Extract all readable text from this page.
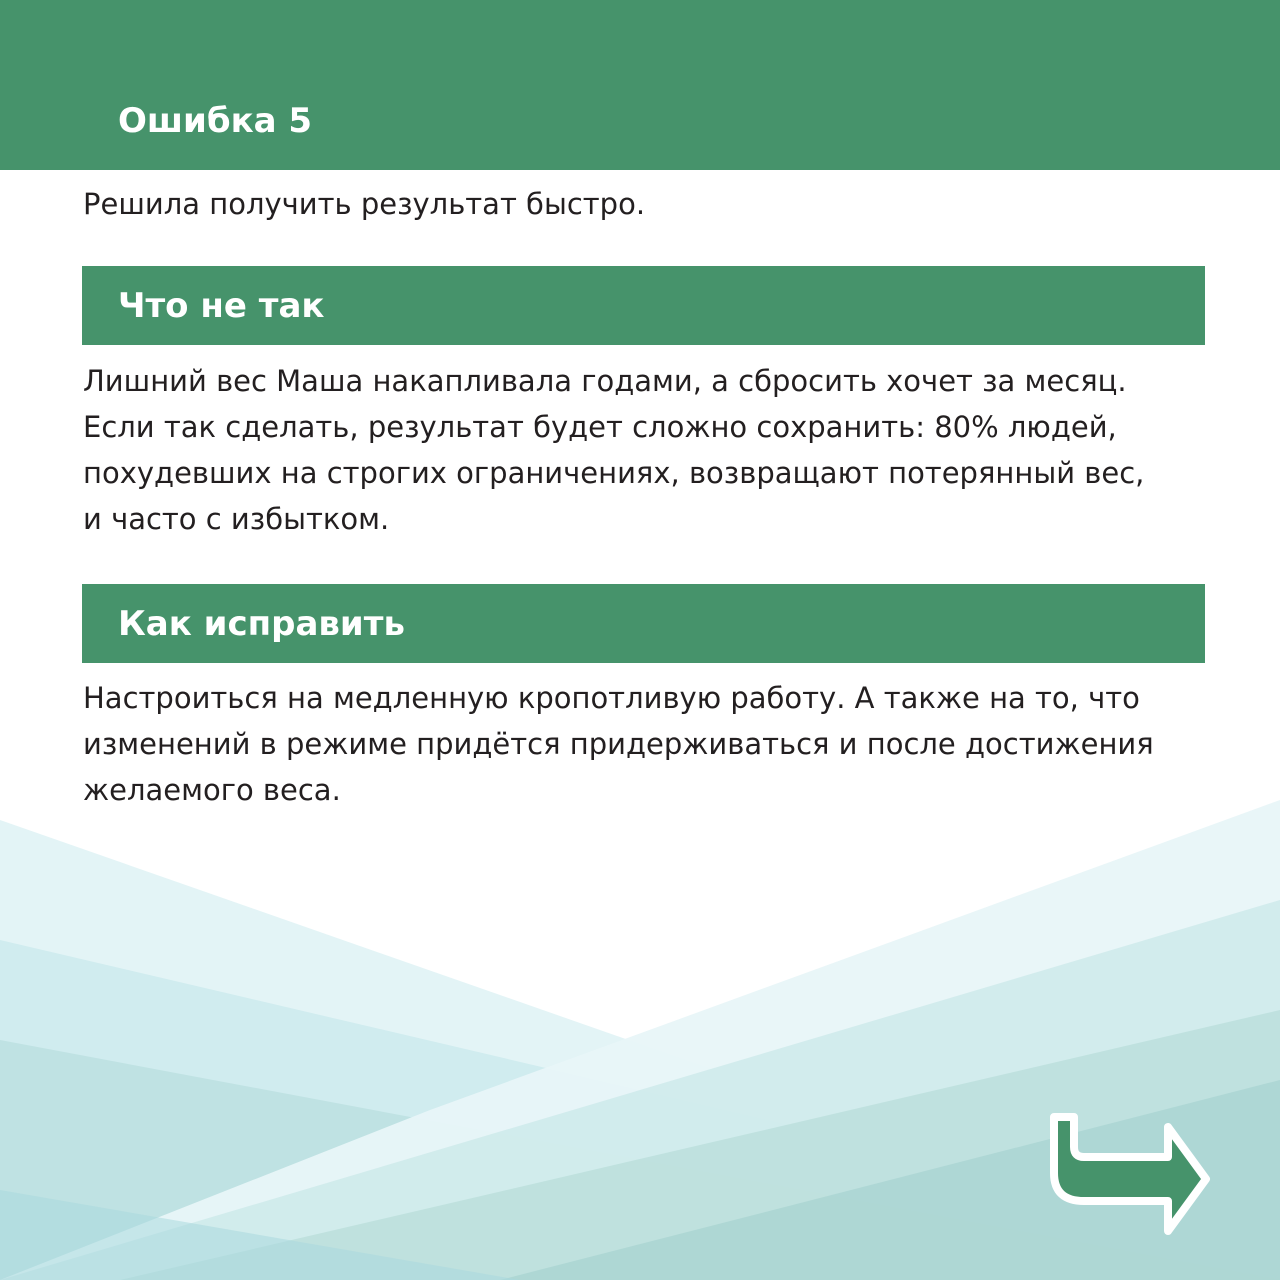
Ошибка 5

Решила получить результат быстро.

Что не так

Лишний вес Маша накапливала годами, а сбросить хочет за месяц.
Если так сделать, результат будет сложно сохранить: 80% людей,
похудевших на строгих ограничениях, возвращают потерянный вес,
и часто с избытком.

Как исправить

Настроиться на медленную кропотливую работу. А также на то, что
изменений в режиме придётся придерживаться и после достижения
желаемого веса.
